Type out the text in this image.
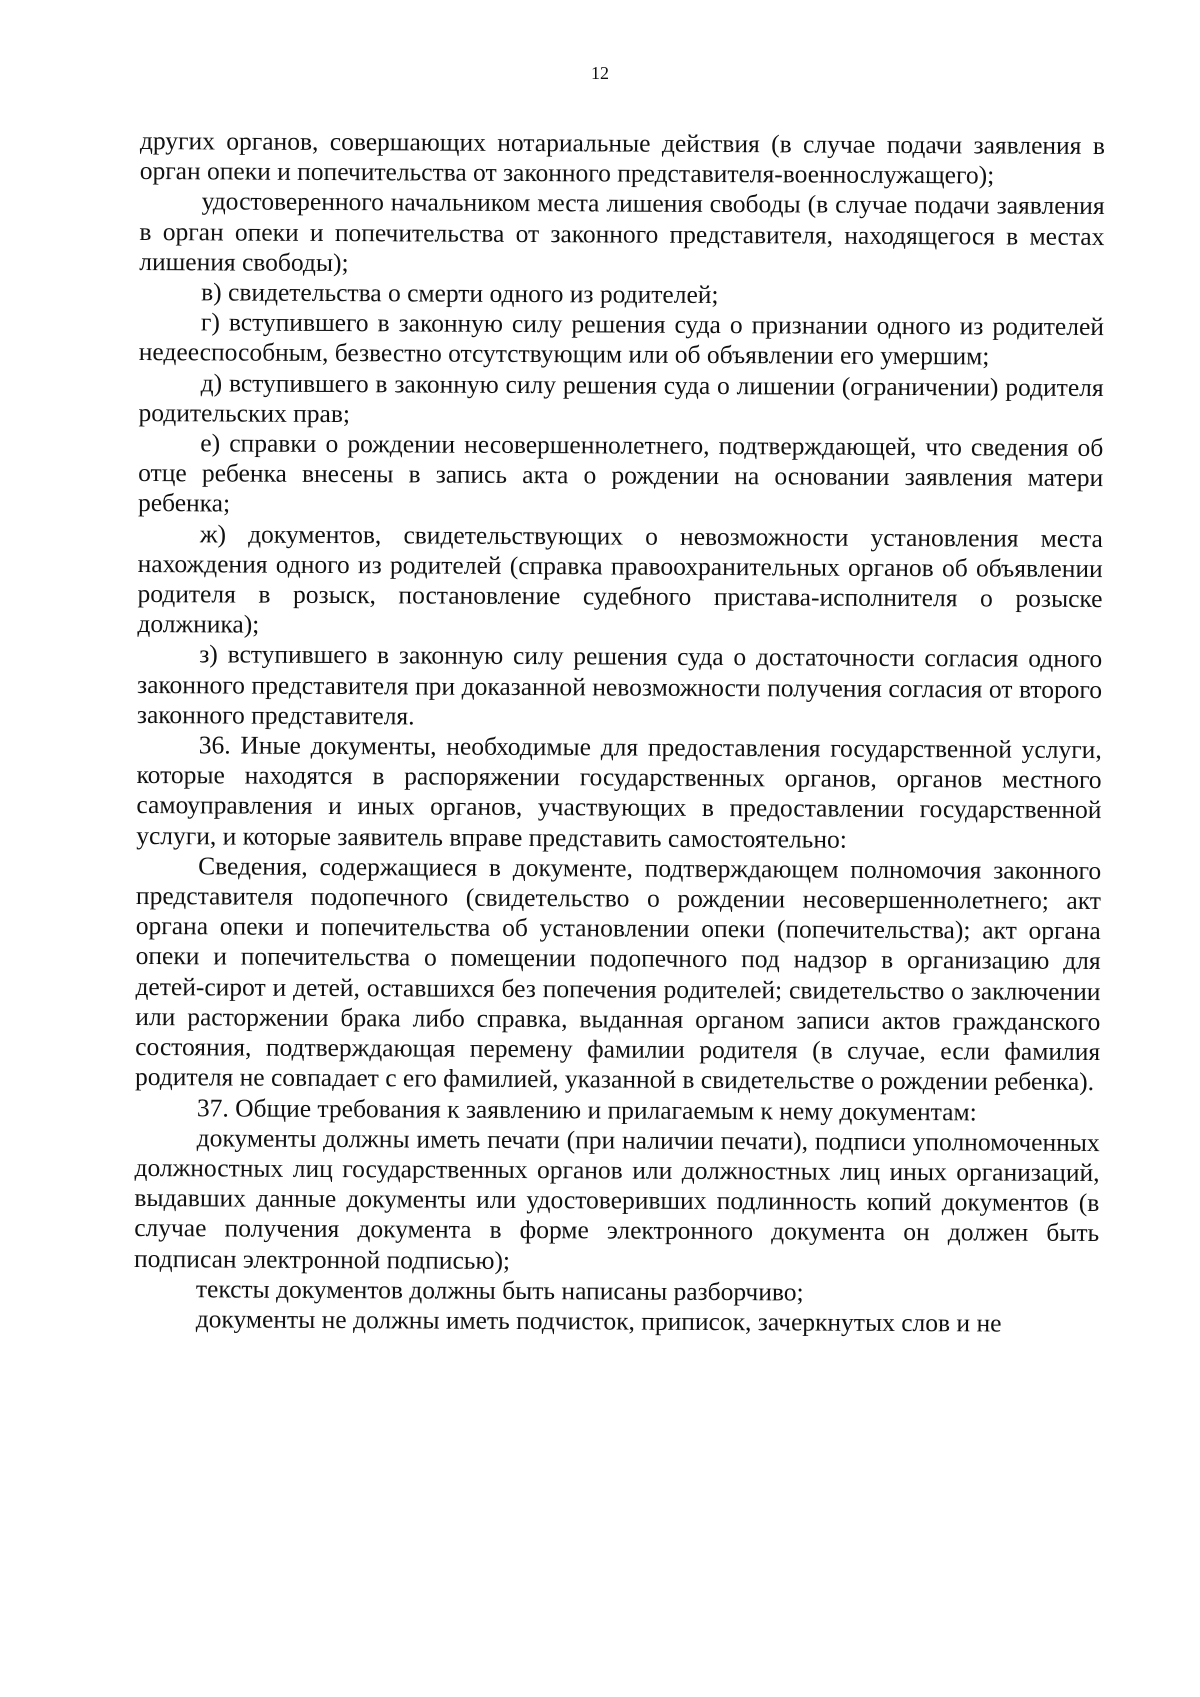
12

других органов, совершающих нотариальные действия (в случае подачи заявления в орган опеки и попечительства от законного представителя-военнослужащего);

удостоверенного начальником места лишения свободы (в случае подачи заявления в орган опеки и попечительства от законного представителя, находящегося в местах лишения свободы);

в) свидетельства о смерти одного из родителей;

г) вступившего в законную силу решения суда о признании одного из родителей недееспособным, безвестно отсутствующим или об объявлении его умершим;

д) вступившего в законную силу решения суда о лишении (ограничении) родителя родительских прав;

е) справки о рождении несовершеннолетнего, подтверждающей, что сведения об отце ребенка внесены в запись акта о рождении на основании заявления матери ребенка;

ж) документов, свидетельствующих о невозможности установления места нахождения одного из родителей (справка правоохранительных органов об объявлении родителя в розыск, постановление судебного пристава-исполнителя о розыске должника);

з) вступившего в законную силу решения суда о достаточности согласия одного законного представителя при доказанной невозможности получения согласия от второго законного представителя.

36. Иные документы, необходимые для предоставления государственной услуги, которые находятся в распоряжении государственных органов, органов местного самоуправления и иных органов, участвующих в предоставлении государственной услуги, и которые заявитель вправе представить самостоятельно:

Сведения, содержащиеся в документе, подтверждающем полномочия законного представителя подопечного (свидетельство о рождении несовершеннолетнего; акт органа опеки и попечительства об установлении опеки (попечительства); акт органа опеки и попечительства о помещении подопечного под надзор в организацию для детей-сирот и детей, оставшихся без попечения родителей; свидетельство о заключении или расторжении брака либо справка, выданная органом записи актов гражданского состояния, подтверждающая перемену фамилии родителя (в случае, если фамилия родителя не совпадает с его фамилией, указанной в свидетельстве о рождении ребенка).

37. Общие требования к заявлению и прилагаемым к нему документам:

документы должны иметь печати (при наличии печати), подписи уполномоченных должностных лиц государственных органов или должностных лиц иных организаций, выдавших данные документы или удостоверивших подлинность копий документов (в случае получения документа в форме электронного документа он должен быть подписан электронной подписью);

тексты документов должны быть написаны разборчиво;

документы не должны иметь подчисток, приписок, зачеркнутых слов и не
